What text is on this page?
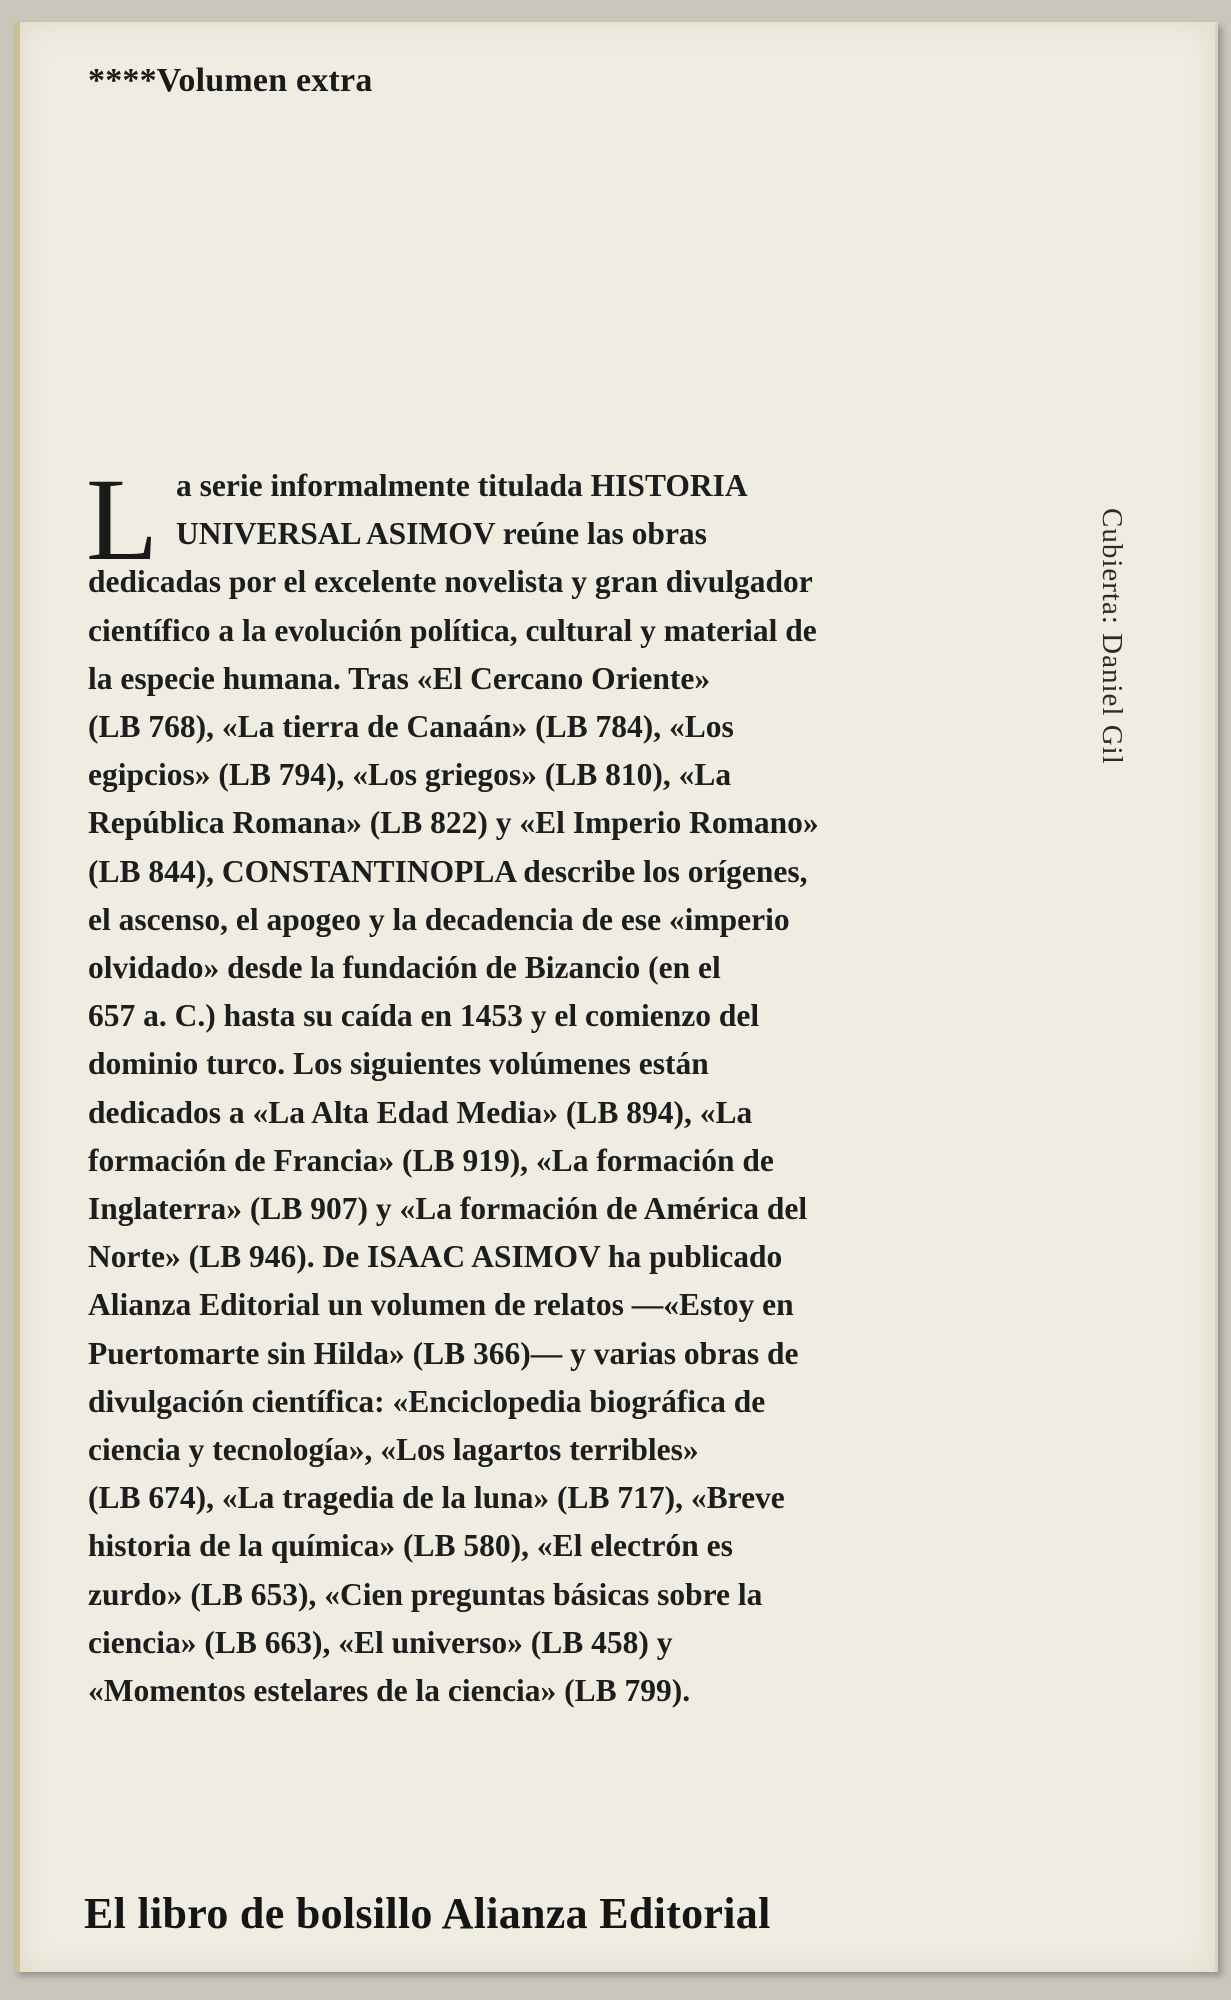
****Volumen extra
L a serie informalmente titulada HISTORIA
UNIVERSAL ASIMOV reúne las obras
dedicadas por el excelente novelista y gran divulgador
científico a la evolución política, cultural y material de
la especie humana. Tras «El Cercano Oriente»
(LB 768), «La tierra de Canaán» (LB 784), «Los
egipcios» (LB 794), «Los griegos» (LB 810), «La
República Romana» (LB 822) y «El Imperio Romano»
(LB 844), CONSTANTINOPLA describe los orígenes,
el ascenso, el apogeo y la decadencia de ese «imperio
olvidado» desde la fundación de Bizancio (en el
657 a. C.) hasta su caída en 1453 y el comienzo del
dominio turco. Los siguientes volúmenes están
dedicados a «La Alta Edad Media» (LB 894), «La
formación de Francia» (LB 919), «La formación de
Inglaterra» (LB 907) y «La formación de América del
Norte» (LB 946). De ISAAC ASIMOV ha publicado
Alianza Editorial un volumen de relatos —«Estoy en
Puertomarte sin Hilda» (LB 366)— y varias obras de
divulgación científica: «Enciclopedia biográfica de
ciencia y tecnología», «Los lagartos terribles»
(LB 674), «La tragedia de la luna» (LB 717), «Breve
historia de la química» (LB 580), «El electrón es
zurdo» (LB 653), «Cien preguntas básicas sobre la
ciencia» (LB 663), «El universo» (LB 458) y
«Momentos estelares de la ciencia» (LB 799).
Cubierta: Daniel Gil
El libro de bolsillo Alianza Editorial
